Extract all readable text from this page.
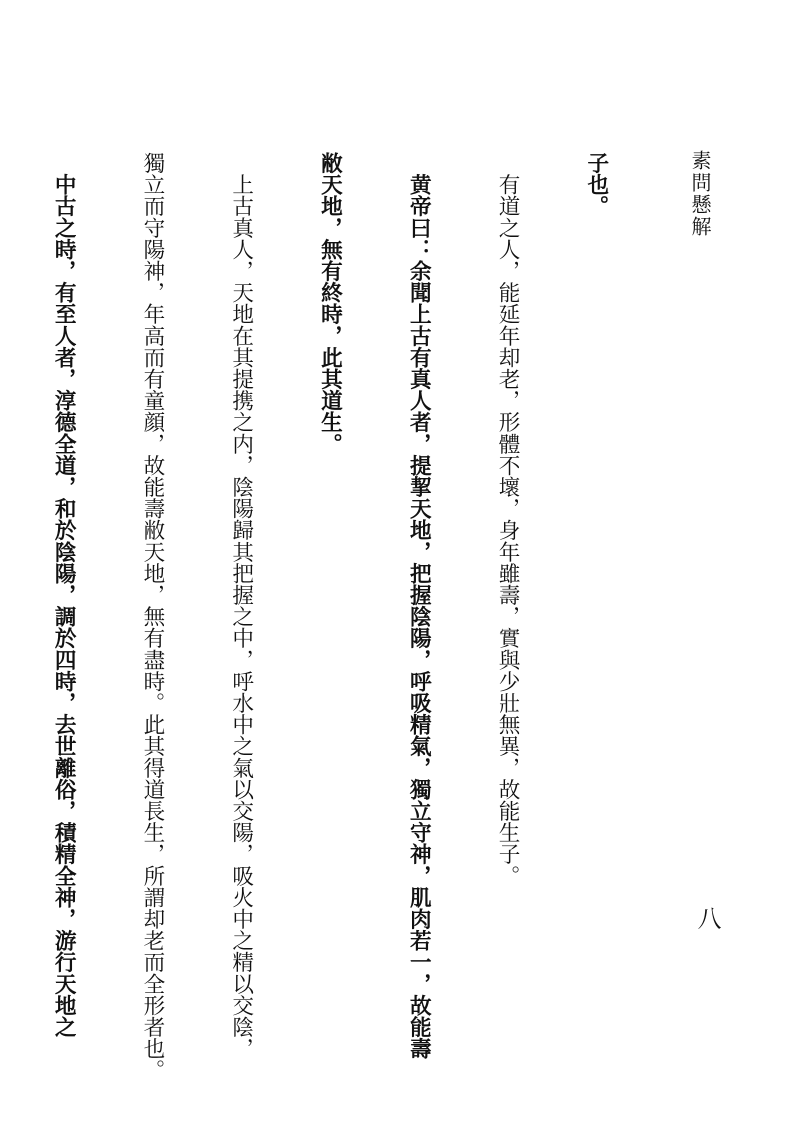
素問懸解
八

子也。

　有道之人，能延年却老，形體不壞，身年雖壽，實與少壯無異，故能生子。

　黄帝曰：余聞上古有真人者，提挈天地，把握陰陽，呼吸精氣，獨立守神，肌肉若一，故能壽

敝天地，無有終時，此其道生。

　上古真人，天地在其提携之内，陰陽歸其把握之中，呼水中之氣以交陽，吸火中之精以交陰，

獨立而守陽神，年高而有童顔，故能壽敝天地，無有盡時。此其得道長生，所謂却老而全形者也。

　中古之時，有至人者，淳德全道，和於陰陽，調於四時，去世離俗，積精全神，游行天地之
